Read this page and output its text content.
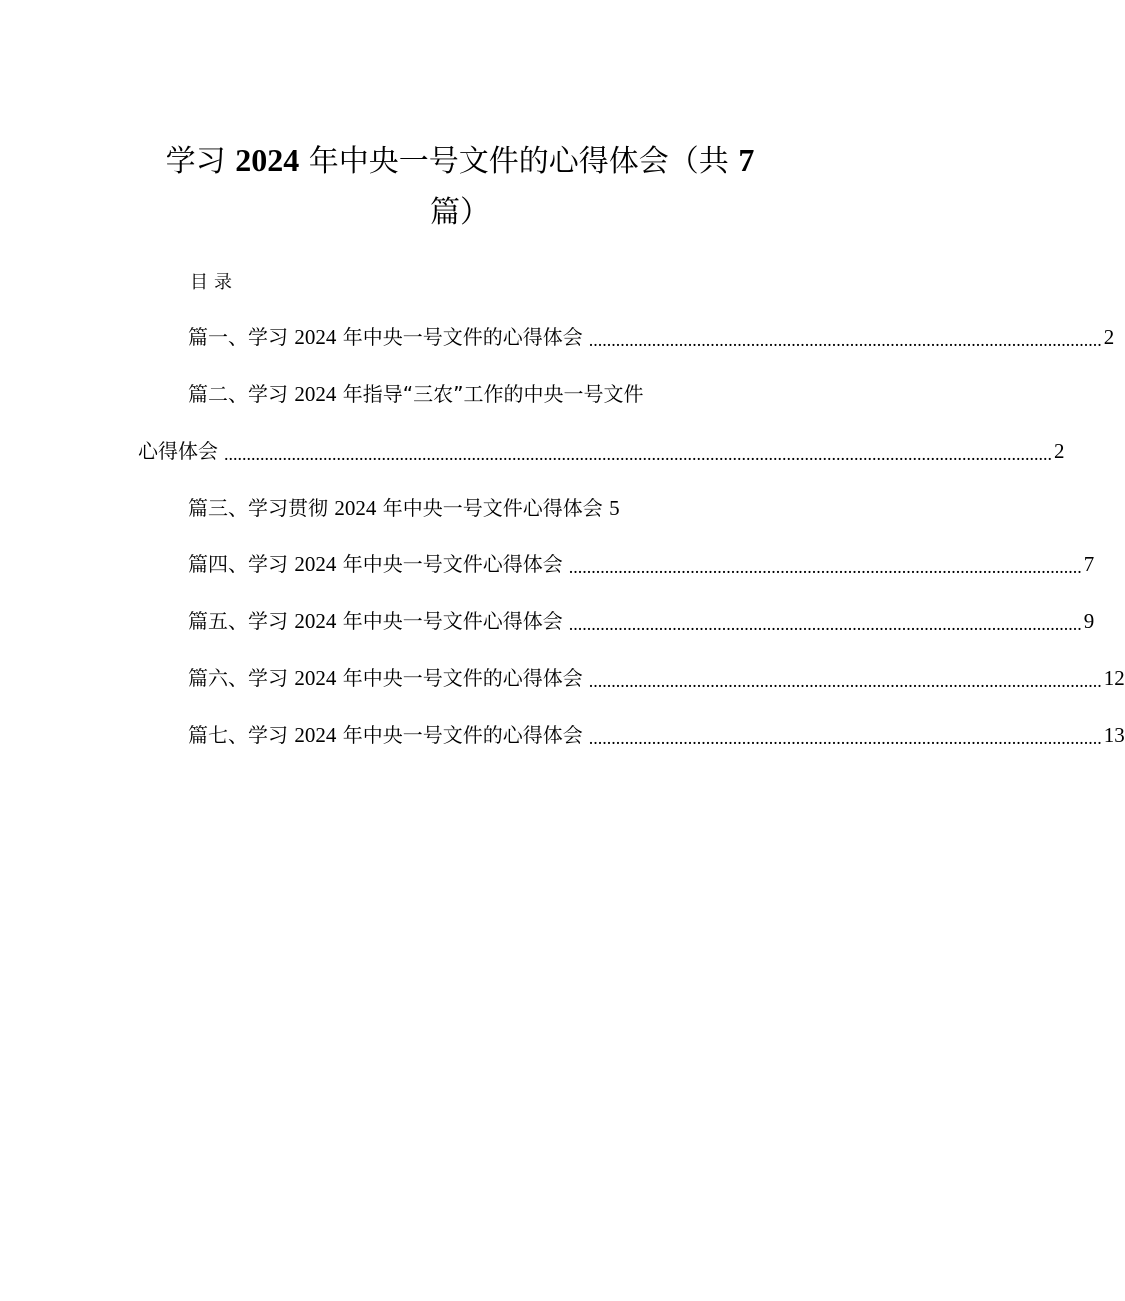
学习 2024 年中央一号文件的心得体会（共 7
篇）
目录
篇一、学习 2024 年中央一号文件的心得体会 .................................................................................................................. 2
篇二、学习 2024 年指导“三农”工作的中央一号文件
心得体会 ........................................................................................................................................................................................ 2
篇三、学习贯彻 2024 年中央一号文件心得体会 5
篇四、学习 2024 年中央一号文件心得体会 .................................................................................................................. 7
篇五、学习 2024 年中央一号文件心得体会 .................................................................................................................. 9
篇六、学习 2024 年中央一号文件的心得体会 .................................................................................................................. 12
篇七、学习 2024 年中央一号文件的心得体会 .................................................................................................................. 13
